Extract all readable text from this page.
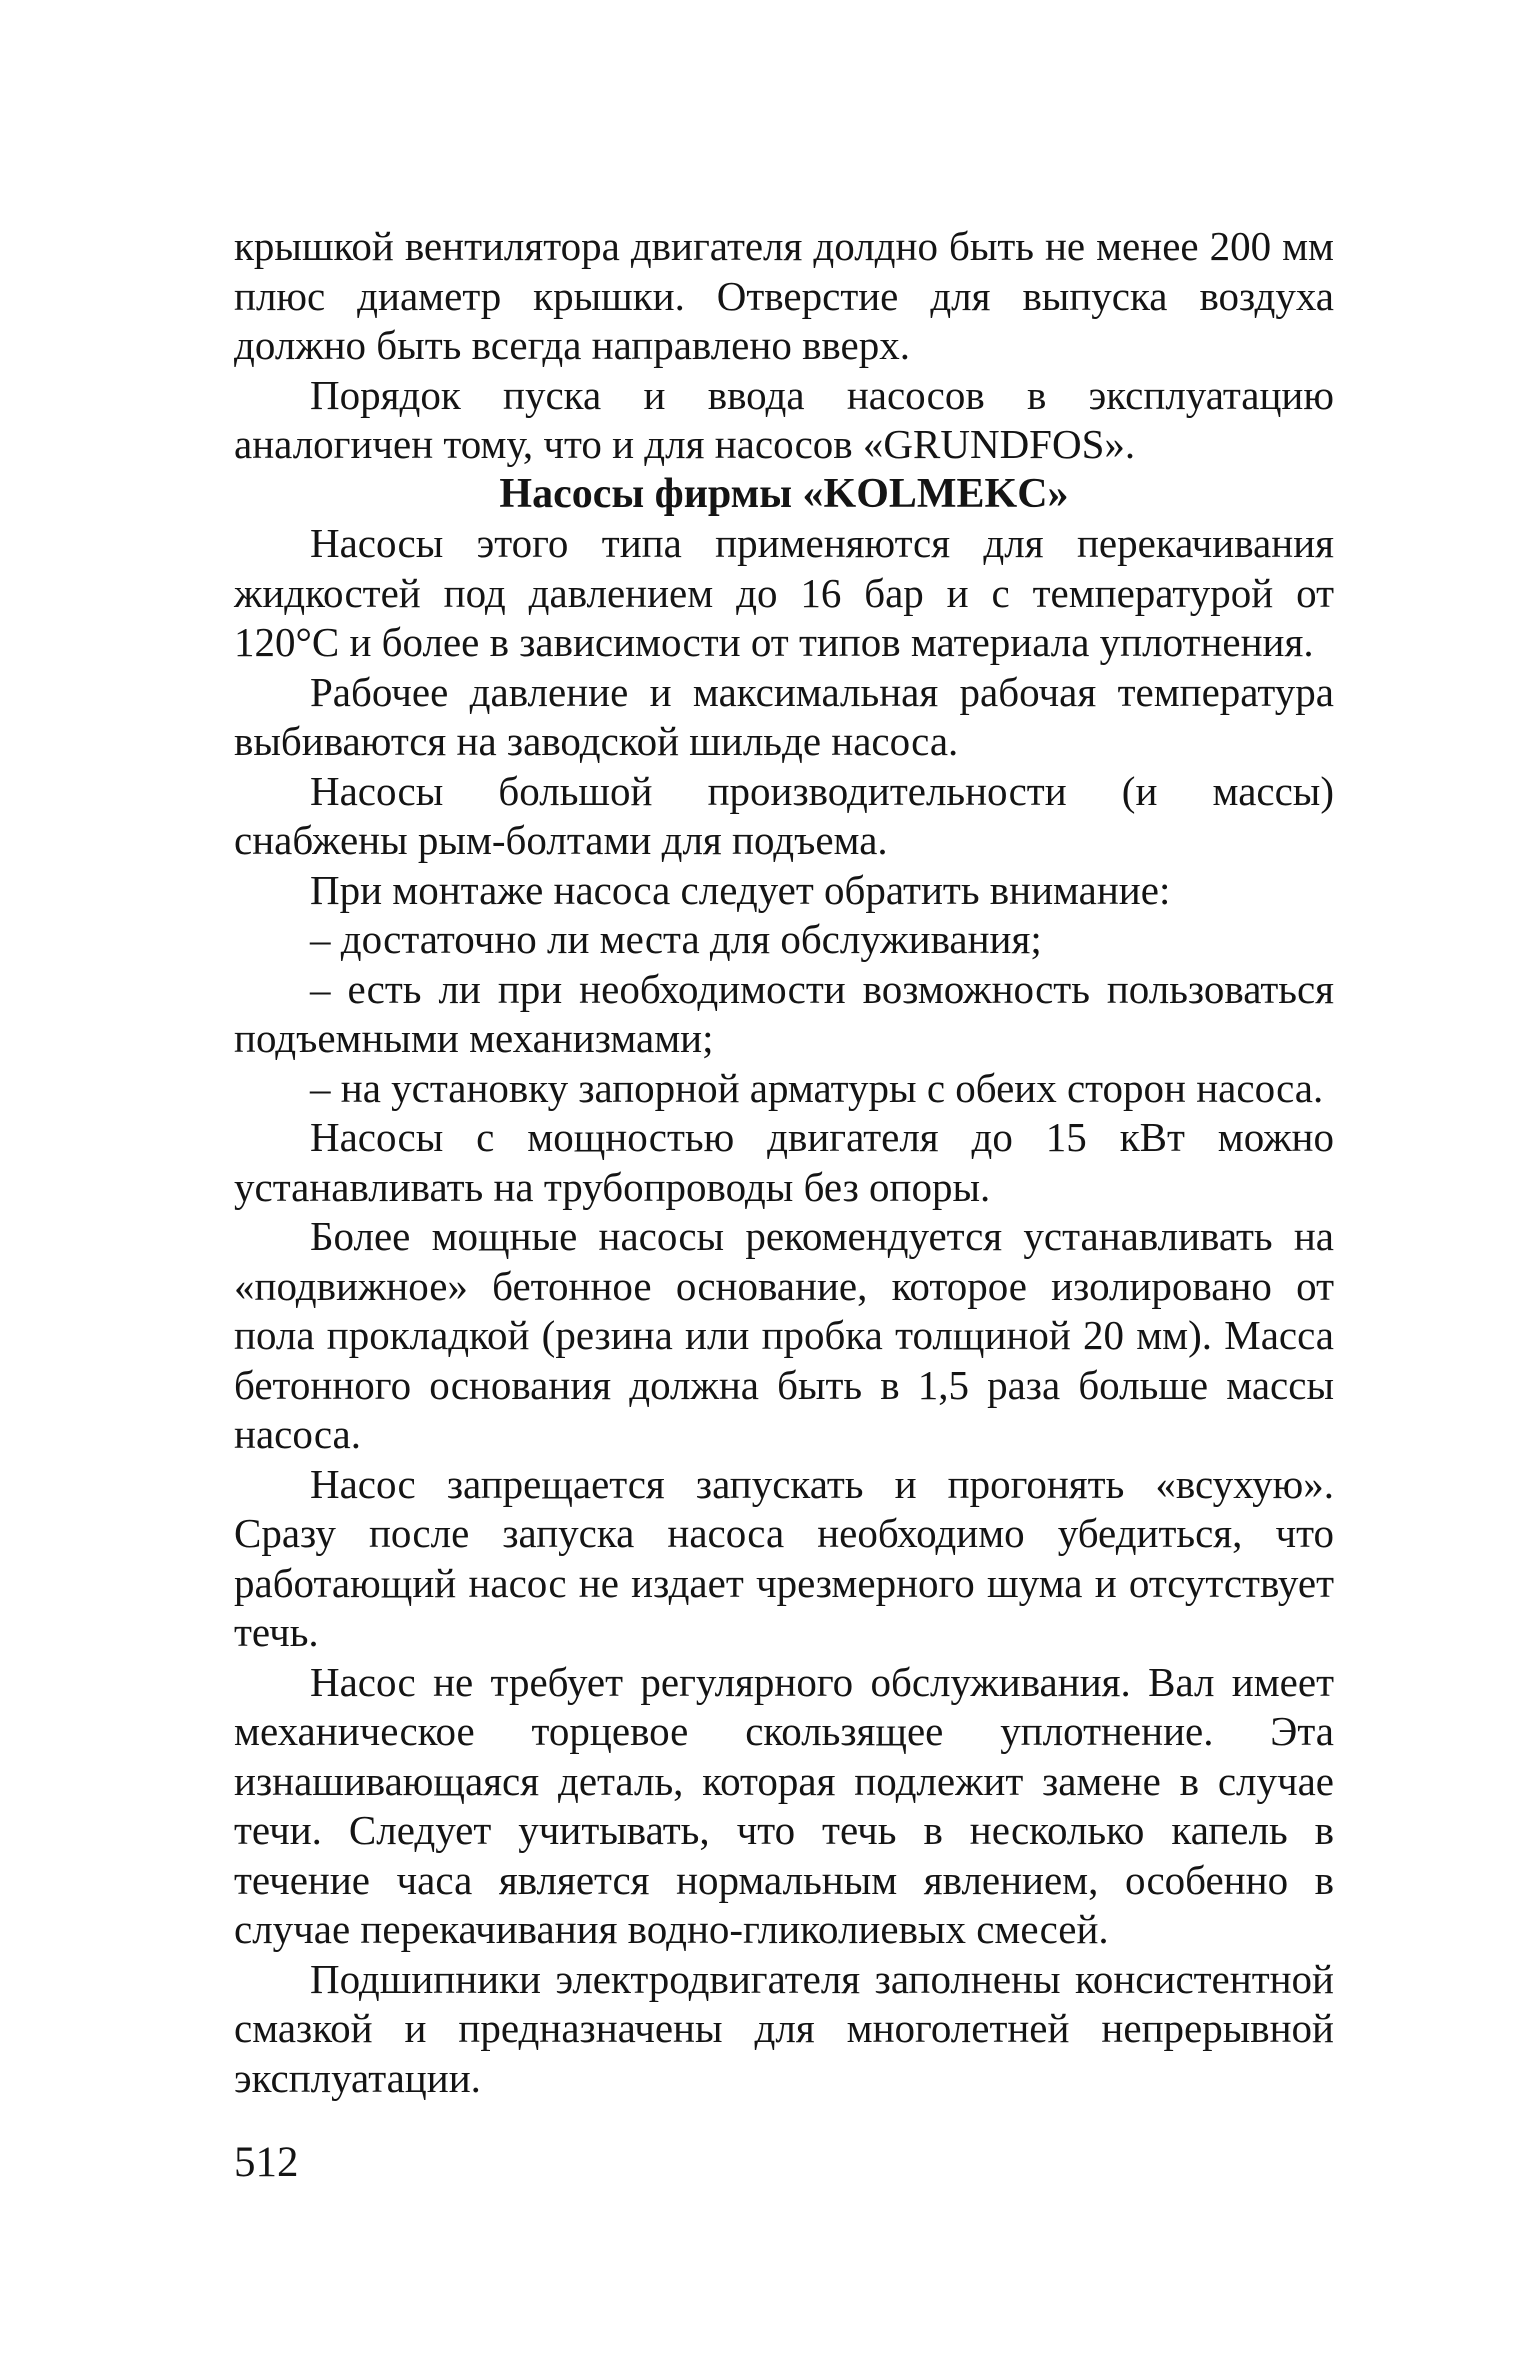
крышкой вентилятора двигателя долдно быть не менее 200 мм плюс диаметр крышки. Отверстие для выпуска воздуха должно быть всегда направлено вверх.

Порядок пуска и ввода насосов в эксплуатацию аналогичен тому, что и для насосов «GRUNDFOS».

Насосы фирмы «KOLMEKC»

Насосы этого типа применяются для перекачивания жидкостей под давлением до 16 бар и с температурой от 120°С и более в зависимости от типов материала уплотнения.

Рабочее давление и максимальная рабочая температура выбиваются на заводской шильде насоса.

Насосы большой производительности (и массы) снабжены рым-болтами для подъема.

При монтаже насоса следует обратить внимание:

– достаточно ли места для обслуживания;

– есть ли при необходимости возможность пользоваться подъемными механизмами;

– на установку запорной арматуры с обеих сторон насоса.

Насосы с мощностью двигателя до 15 кВт можно устанавливать на трубопроводы без опоры.

Более мощные насосы рекомендуется устанавливать на «подвижное» бетонное основание, которое изолировано от пола прокладкой (резина или пробка толщиной 20 мм). Масса бетонного основания должна быть в 1,5 раза больше массы насоса.

Насос запрещается запускать и прогонять «всухую». Сразу после запуска насоса необходимо убедиться, что работающий насос не издает чрезмерного шума и отсутствует течь.

Насос не требует регулярного обслуживания. Вал имеет механическое торцевое скользящее уплотнение. Эта изнашивающаяся деталь, которая подлежит замене в случае течи. Следует учитывать, что течь в несколько капель в течение часа является нормальным явлением, особенно в случае перекачивания водно-гликолиевых смесей.

Подшипники электродвигателя заполнены консистентной смазкой и предназначены для многолетней непрерывной эксплуатации.

512
